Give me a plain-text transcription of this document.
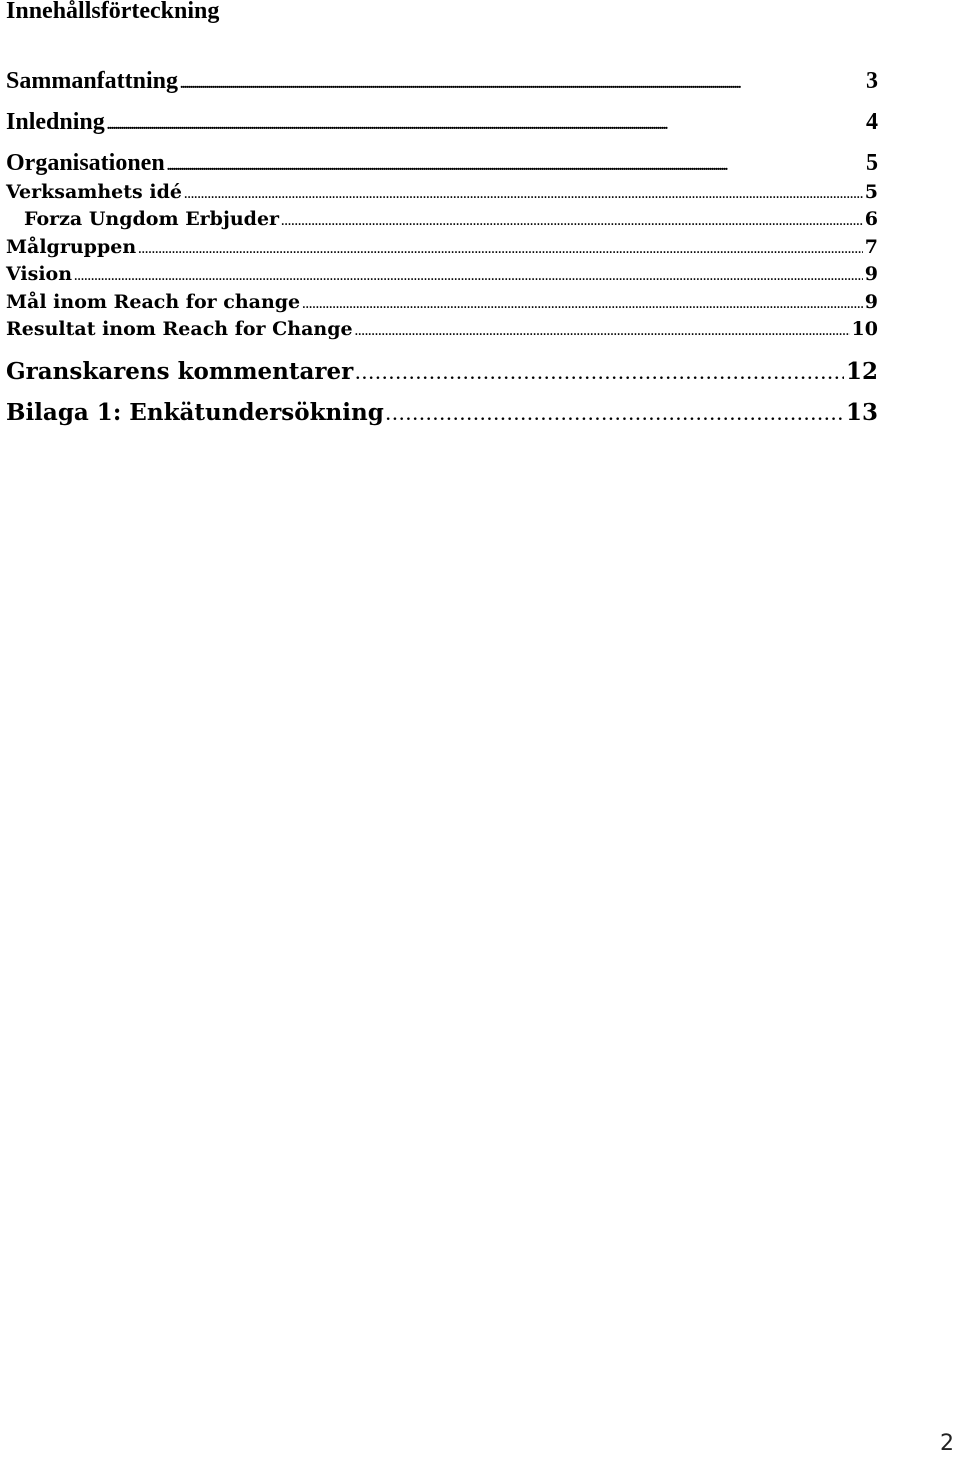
Innehållsförteckning
Sammanfattning . . .	3
Inledning . . .	4
Organisationen . . .	5
Verksamhets idé . . .	5
Forza Ungdom Erbjuder . . .	6
Målgruppen . . .	7
Vision . . .	9
Mål inom Reach for change . . .	9
Resultat inom Reach for Change . . .	10
Granskarens kommentarer . . .	12
Bilaga 1: Enkätundersökning . . .	13
2
